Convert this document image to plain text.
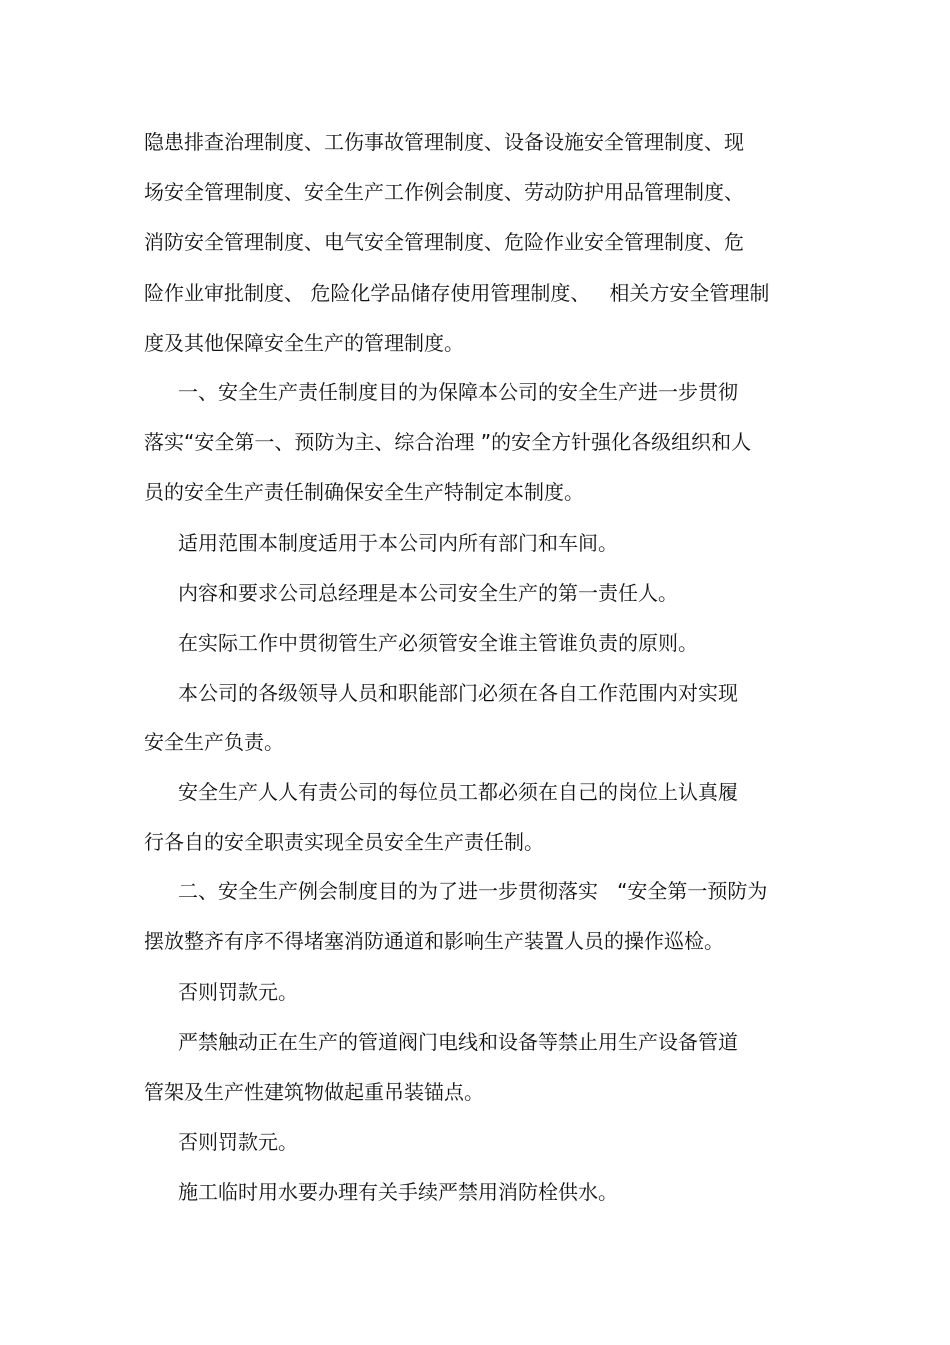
隐患排查治理制度、工伤事故管理制度、设备设施安全管理制度、现
场安全管理制度、安全生产工作例会制度、劳动防护用品管理制度、
消防安全管理制度、电气安全管理制度、危险作业安全管理制度、危
险作业审批制度、 危险化学品储存使用管理制度、   相关方安全管理制
度及其他保障安全生产的管理制度。
一、安全生产责任制度目的为保障本公司的安全生产进一步贯彻
落实“安全第一、预防为主、综合治理 ”的安全方针强化各级组织和人
员的安全生产责任制确保安全生产特制定本制度。
适用范围本制度适用于本公司内所有部门和车间。
内容和要求公司总经理是本公司安全生产的第一责任人。
在实际工作中贯彻管生产必须管安全谁主管谁负责的原则。
本公司的各级领导人员和职能部门必须在各自工作范围内对实现
安全生产负责。
安全生产人人有责公司的每位员工都必须在自己的岗位上认真履
行各自的安全职责实现全员安全生产责任制。
二、安全生产例会制度目的为了进一步贯彻落实   “安全第一预防为
摆放整齐有序不得堵塞消防通道和影响生产装置人员的操作巡检。
否则罚款元。
严禁触动正在生产的管道阀门电线和设备等禁止用生产设备管道
管架及生产性建筑物做起重吊装锚点。
否则罚款元。
施工临时用水要办理有关手续严禁用消防栓供水。
